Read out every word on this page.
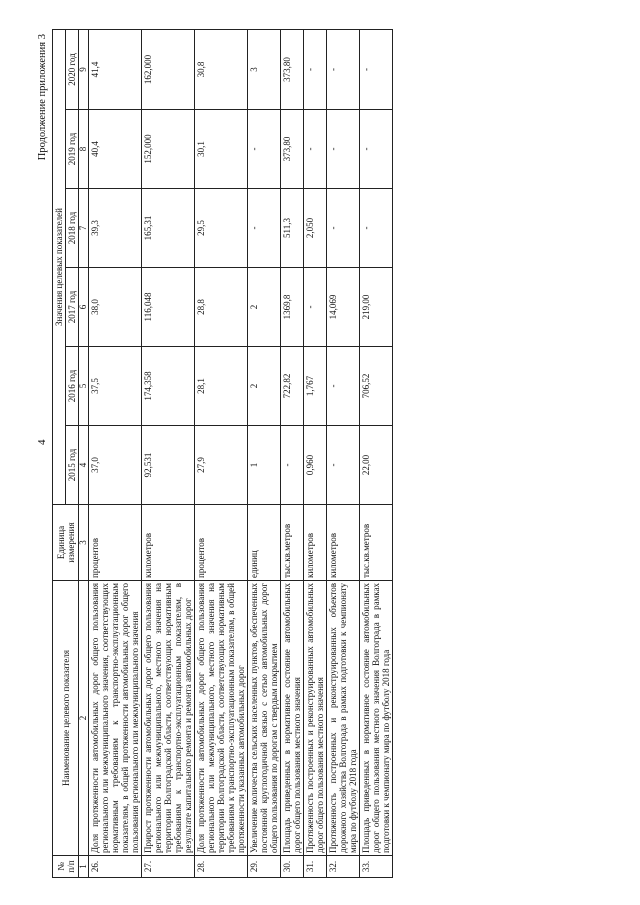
4
Продолжение приложения 3
№ п/п	Наименование целевого показателя	Единица измерения	Значения целевых показателей					
			2015 год	2016 год	2017 год	2018 год	2019 год	2020 год
1	2	3	4	5	6	7	8	9
26.	Доля протяженности автомобильных дорог общего пользования регионального или межмуниципального значения, соответствующих нормативным требованиям к транспортно-эксплуатационным показателям, в общей протяженности автомобильных дорог общего пользования регионального или межмуниципального значения	процентов	37,0	37,5	38,0	39,3	40,4	41,4
27.	Прирост протяженности автомобильных дорог общего пользования регионального или межмуниципального, местного значения на территории Волгоградской области, соответствующих нормативным требованиям к транспортно-эксплуатационным показателям, в результате капитального ремонта и ремонта автомобильных дорог	километров	92,531	174,358	116,048	165,31	152,000	162,000
28.	Доля протяженности автомобильных дорог общего пользования регионального или межмуниципального, местного значения на территории Волгоградской области, соответствующих нормативным требованиям к транспортно-эксплуатационным показателям, в общей протяженности указанных автомобильных дорог	процентов	27,9	28,1	28,8	29,5	30,1	30,8
29.	Увеличение количества сельских населенных пунктов, обеспеченных постоянной круглогодичной связью с сетью автомобильных дорог общего пользования по дорогам с твердым покрытием	единиц	1	2	2	-	-	3
30.	Площадь приведенных в нормативное состояние автомобильных дорог общего пользования местного значения	тыс.кв.метров	-	722,82	1369,8	511,3	373,80	373,80
31.	Протяженность построенных и реконструированных автомобильных дорог общего пользования местного значения	километров	0,960	1,767	-	2,050	-	-
32.	Протяженность построенных и реконструированных объектов дорожного хозяйства Волгограда в рамках подготовки к чемпионату мира по футболу 2018 года	километров	-	-	14,069	-	-	-
33.	Площадь приведенных в нормативное состояние автомобильных дорог общего пользования местного значения Волгограда в рамках подготовки к чемпионату мира по футболу 2018 года	тыс.кв.метров	22,00	706,52	219,00	-	-	-
